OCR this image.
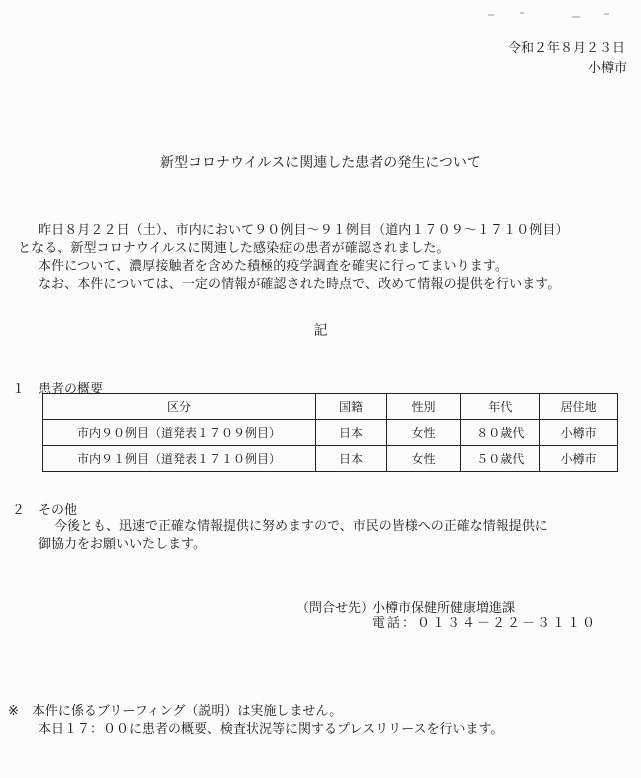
令和２年８月２３日
小樽市
新型コロナウイルスに関連した患者の発生について
昨日８月２２日（土）、市内において９０例目～９１例目（道内１７０９～１７１０例目）
となる、新型コロナウイルスに関連した感染症の患者が確認されました。
本件について、濃厚接触者を含めた積極的疫学調査を確実に行ってまいります。
なお、本件については、一定の情報が確認された時点で、改めて情報の提供を行います。
記
１　患者の概要
区分	国籍	性別	年代	居住地
市内９０例目（道発表１７０９例目）	日本	女性	８０歳代	小樽市
市内９１例目（道発表１７１０例目）	日本	女性	５０歳代	小樽市
２　その他
今後とも、迅速で正確な情報提供に努めますので、市民の皆様への正確な情報提供に
御協力をお願いいたします。
（問合せ先）
小樽市保健所健康増進課
電話：０１３４－２２－３１１０
※　本件に係るブリーフィング（説明）は実施しません。
本日１７：００に患者の概要、検査状況等に関するプレスリリースを行います。
